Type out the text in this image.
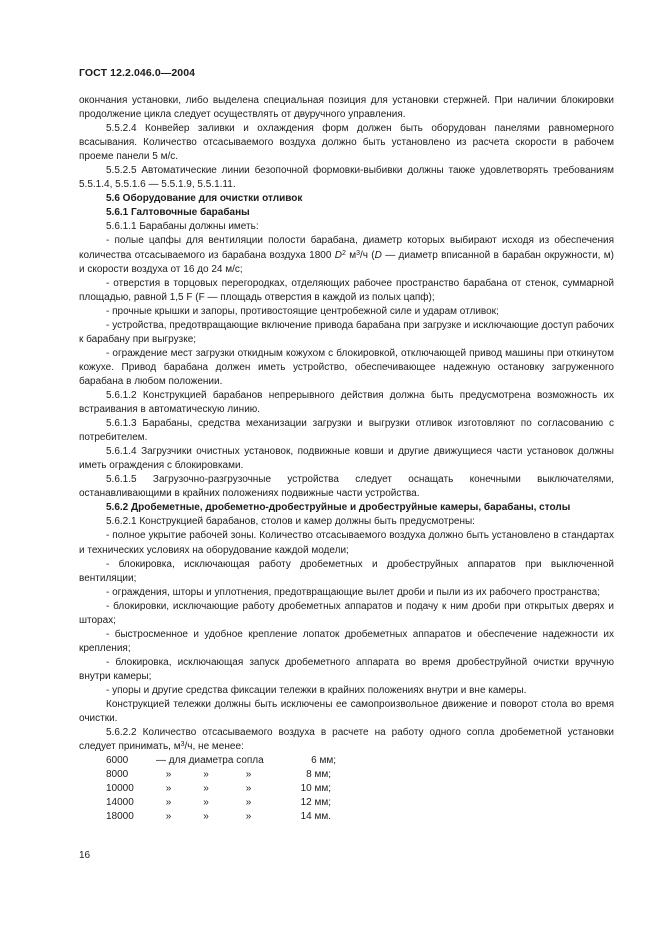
ГОСТ 12.2.046.0—2004

окончания установки, либо выделена специальная позиция для установки стержней. При наличии блокировки продолжение цикла следует осуществлять от двуручного управления.

5.5.2.4 Конвейер заливки и охлаждения форм должен быть оборудован панелями равномерного всасывания. Количество отсасываемого воздуха должно быть установлено из расчета скорости в рабочем проеме панели 5 м/с.

5.5.2.5 Автоматические линии безопочной формовки-выбивки должны также удовлетворять требованиям 5.5.1.4, 5.5.1.6 — 5.5.1.9, 5.5.1.11.

5.6 Оборудование для очистки отливок

5.6.1 Галтовочные барабаны

5.6.1.1 Барабаны должны иметь:

- полые цапфы для вентиляции полости барабана, диаметр которых выбирают исходя из обеспечения количества отсасываемого из барабана воздуха 1800 $D^2$ $м^3/ч$ (D — диаметр вписанной в барабан окружности, м) и скорости воздуха от 16 до 24 м/с;

- отверстия в торцовых перегородках, отделяющих рабочее пространство барабана от стенок, суммарной площадью, равной 1,5 F (F — площадь отверстия в каждой из полых цапф);

- прочные крышки и запоры, противостоящие центробежной силе и ударам отливок;

- устройства, предотвращающие включение привода барабана при загрузке и исключающие доступ рабочих к барабану при выгрузке;

- ограждение мест загрузки откидным кожухом с блокировкой, отключающей привод машины при откинутом кожухе. Привод барабана должен иметь устройство, обеспечивающее надежную остановку загруженного барабана в любом положении.

5.6.1.2 Конструкцией барабанов непрерывного действия должна быть предусмотрена возможность их встраивания в автоматическую линию.

5.6.1.3 Барабаны, средства механизации загрузки и выгрузки отливок изготовляют по согласованию с потребителем.

5.6.1.4 Загрузчики очистных установок, подвижные ковши и другие движущиеся части установок должны иметь ограждения с блокировками.

5.6.1.5 Загрузочно-разгрузочные устройства следует оснащать конечными выключателями, останавливающими в крайних положениях подвижные части устройства.

5.6.2 Дробеметные, дробеметно-дробеструйные и дробеструйные камеры, барабаны, столы

5.6.2.1 Конструкцией барабанов, столов и камер должны быть предусмотрены:

- полное укрытие рабочей зоны. Количество отсасываемого воздуха должно быть установлено в стандартах и технических условиях на оборудование каждой модели;

- блокировка, исключающая работу дробеметных и дробеструйных аппаратов при выключенной вентиляции;

- ограждения, шторы и уплотнения, предотвращающие вылет дроби и пыли из их рабочего пространства;

- блокировки, исключающие работу дробеметных аппаратов и подачу к ним дроби при открытых дверях и шторах;

- быстросменное и удобное крепление лопаток дробеметных аппаратов и обеспечение надежности их крепления;

- блокировка, исключающая запуск дробеметного аппарата во время дробеструйной очистки вручную внутри камеры;

- упоры и другие средства фиксации тележки в крайних положениях внутри и вне камеры.

Конструкцией тележки должны быть исключены ее самопроизвольное движение и поворот стола во время очистки.

5.6.2.2 Количество отсасываемого воздуха в расчете на работу одного сопла дробеметной установки следует принимать, $м^3/ч$, не менее:

6000	— для диаметра сопла	6 мм;
8000	»	»	»	8 мм;
10000	»	»	»	10 мм;
14000	»	»	»	12 мм;
18000	»	»	»	14 мм.
16
